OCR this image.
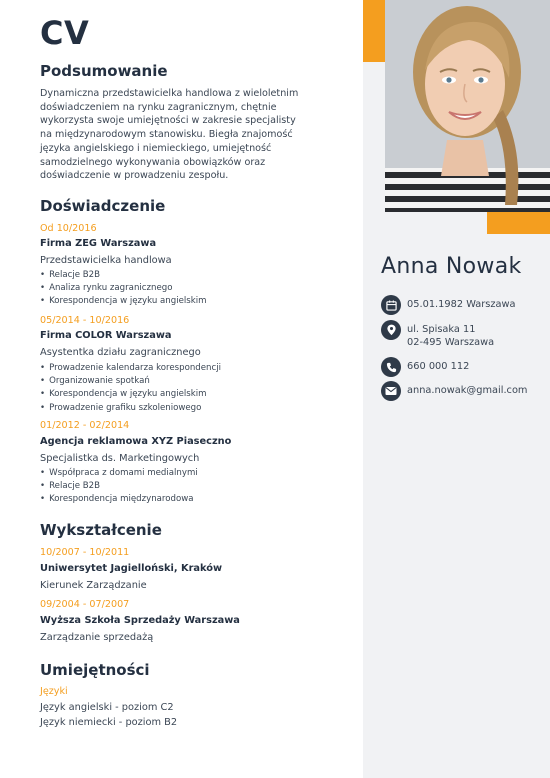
CV
Podsumowanie
Dynamiczna przedstawicielka handlowa z wieloletnim doświadczeniem na rynku zagranicznym, chętnie wykorzysta swoje umiejętności w zakresie specjalisty na międzynarodowym stanowisku. Biegła znajomość języka angielskiego i niemieckiego, umiejętność samodzielnego wykonywania obowiązków oraz doświadczenie w prowadzeniu zespołu.
Doświadczenie
Od 10/2016
Firma ZEG Warszawa
Przedstawicielka handlowa
• Relacje B2B
• Analiza rynku zagranicznego
• Korespondencja w języku angielskim
05/2014 - 10/2016
Firma COLOR Warszawa
Asystentka działu zagranicznego
• Prowadzenie kalendarza korespondencji
• Organizowanie spotkań
• Korespondencja w języku angielskim
• Prowadzenie grafiku szkoleniowego
01/2012 - 02/2014
Agencja reklamowa XYZ Piaseczno
Specjalistka ds. Marketingowych
• Współpraca z domami medialnymi
• Relacje B2B
• Korespondencja międzynarodowa
Wykształcenie
10/2007 - 10/2011
Uniwersytet Jagielloński, Kraków
Kierunek Zarządzanie
09/2004 - 07/2007
Wyższa Szkoła Sprzedaży Warszawa
Zarządzanie sprzedażą
Umiejętności
Języki
Język angielski - poziom C2
Język niemiecki - poziom B2
Anna Nowak
05.01.1982 Warszawa
ul. Spisaka 11
02-495 Warszawa
660 000 112
anna.nowak@gmail.com
